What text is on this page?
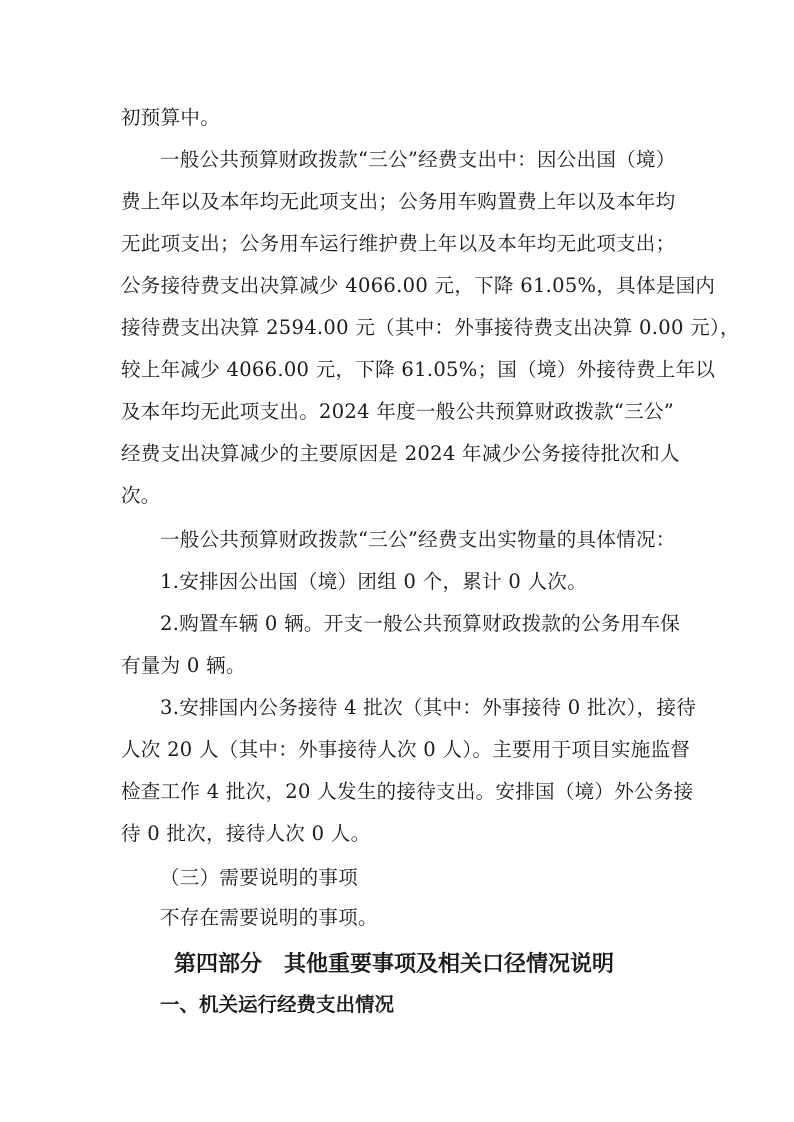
初预算中。
一般公共预算财政拨款“三公”经费支出中：因公出国（境）
费上年以及本年均无此项支出；公务用车购置费上年以及本年均
无此项支出；公务用车运行维护费上年以及本年均无此项支出；
公务接待费支出决算减少 4066.00 元，下降 61.05%，具体是国内
接待费支出决算 2594.00 元（其中：外事接待费支出决算 0.00 元），
较上年减少 4066.00 元，下降 61.05%；国（境）外接待费上年以
及本年均无此项支出。2024 年度一般公共预算财政拨款“三公”
经费支出决算减少的主要原因是 2024 年减少公务接待批次和人
次。
一般公共预算财政拨款“三公”经费支出实物量的具体情况：
1.安排因公出国（境）团组 0 个，累计 0 人次。
2.购置车辆 0 辆。开支一般公共预算财政拨款的公务用车保
有量为 0 辆。
3.安排国内公务接待 4 批次（其中：外事接待 0 批次），接待
人次 20 人（其中：外事接待人次 0 人）。主要用于项目实施监督
检查工作 4 批次，20 人发生的接待支出。安排国（境）外公务接
待 0 批次，接待人次 0 人。
（三）需要说明的事项
不存在需要说明的事项。
第四部分　其他重要事项及相关口径情况说明
一、机关运行经费支出情况
